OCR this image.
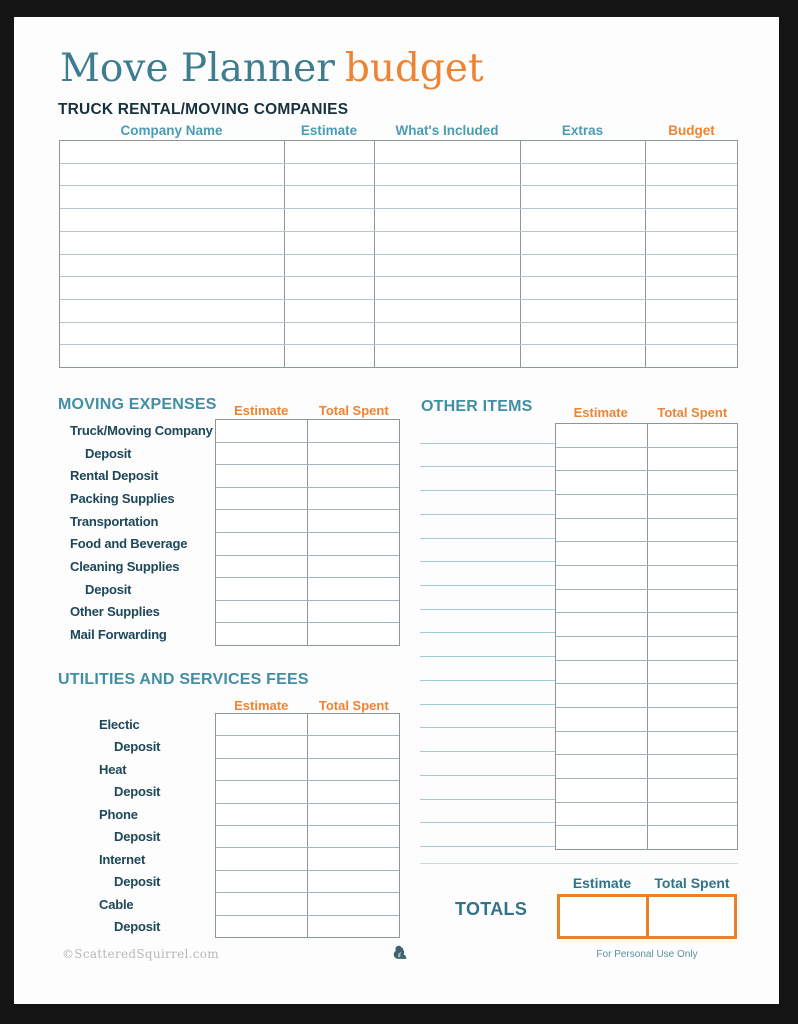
Move Planner budget
TRUCK RENTAL/MOVING COMPANIES
Company Name	Estimate	What's Included	Extras	Budget
MOVING EXPENSES	Estimate	Total Spent
Truck/Moving Company
Deposit
Rental Deposit
Packing Supplies
Transportation
Food and Beverage
Cleaning Supplies
Deposit
Other Supplies
Mail Forwarding
UTILITIES AND SERVICES FEES
Estimate	Total Spent
Electic
Deposit
Heat
Deposit
Phone
Deposit
Internet
Deposit
Cable
Deposit
OTHER ITEMS	Estimate	Total Spent
Estimate	Total Spent
TOTALS
©ScatteredSquirrel.com	For Personal Use Only
